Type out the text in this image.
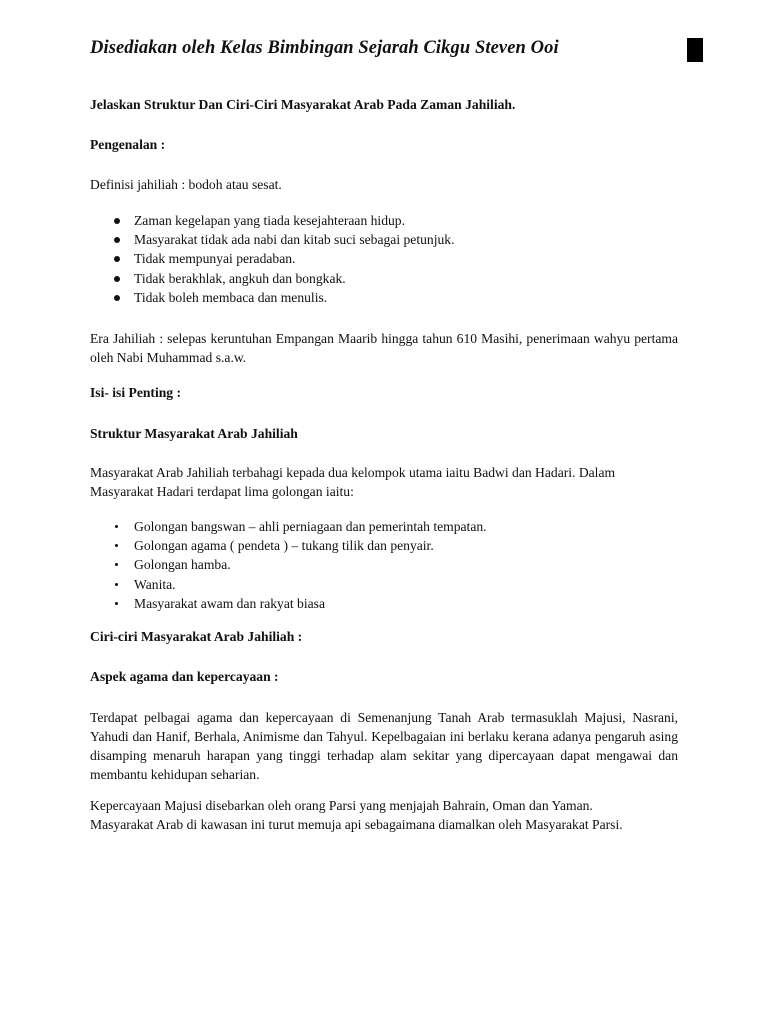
Disediakan oleh Kelas Bimbingan Sejarah Cikgu Steven Ooi

Jelaskan Struktur Dan Ciri-Ciri Masyarakat Arab Pada Zaman Jahiliah.

Pengenalan :

Definisi jahiliah : bodoh atau sesat.

Zaman kegelapan yang tiada kesejahteraan hidup.
Masyarakat tidak ada nabi dan kitab suci sebagai petunjuk.
Tidak mempunyai peradaban.
Tidak berakhlak, angkuh dan bongkak.
Tidak boleh membaca dan menulis.

Era Jahiliah : selepas keruntuhan Empangan Maarib hingga tahun 610 Masihi, penerimaan wahyu pertama oleh Nabi Muhammad s.a.w.

Isi- isi Penting :

Struktur Masyarakat Arab Jahiliah

Masyarakat Arab Jahiliah terbahagi kepada dua kelompok utama iaitu Badwi dan Hadari. Dalam Masyarakat Hadari terdapat lima golongan iaitu:

Golongan bangswan – ahli perniagaan dan pemerintah tempatan.
Golongan agama ( pendeta ) – tukang tilik dan penyair.
Golongan hamba.
Wanita.
Masyarakat awam dan rakyat biasa

Ciri-ciri Masyarakat Arab Jahiliah :

Aspek agama dan kepercayaan :

Terdapat pelbagai agama dan kepercayaan di Semenanjung Tanah Arab termasuklah Majusi, Nasrani, Yahudi dan Hanif, Berhala, Animisme dan Tahyul. Kepelbagaian ini berlaku kerana adanya pengaruh asing disamping menaruh harapan yang tinggi terhadap alam sekitar yang dipercayaan dapat mengawai dan membantu kehidupan seharian.

Kepercayaan Majusi disebarkan oleh orang Parsi yang menjajah Bahrain, Oman dan Yaman. Masyarakat Arab di kawasan ini turut memuja api sebagaimana diamalkan oleh Masyarakat Parsi.
